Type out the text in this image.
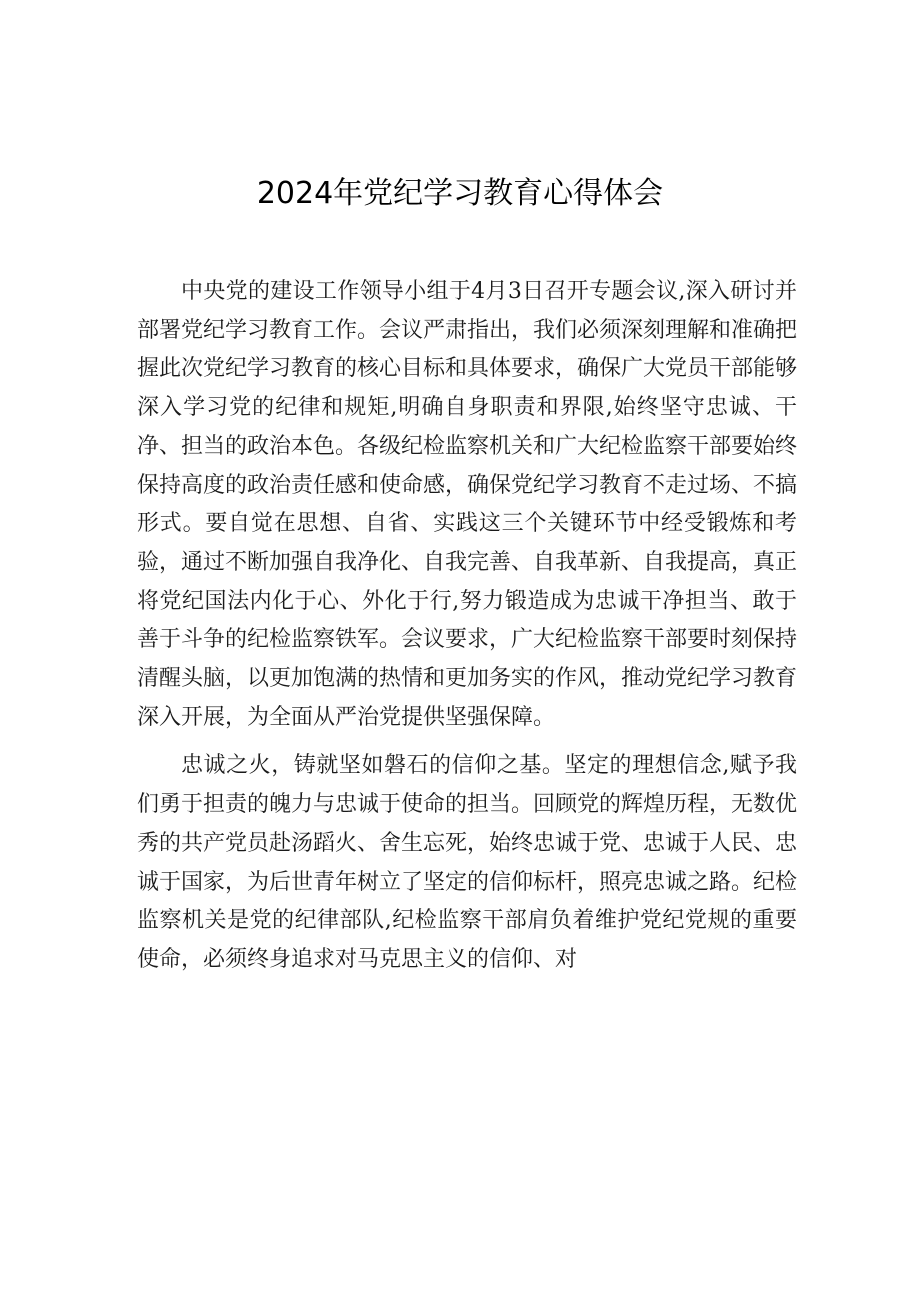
2024年党纪学习教育心得体会

中央党的建设工作领导小组于4月3日召开专题会议,深入研讨并部署党纪学习教育工作。会议严肃指出，我们必须深刻理解和准确把握此次党纪学习教育的核心目标和具体要求，确保广大党员干部能够深入学习党的纪律和规矩,明确自身职责和界限,始终坚守忠诚、干净、担当的政治本色。各级纪检监察机关和广大纪检监察干部要始终保持高度的政治责任感和使命感，确保党纪学习教育不走过场、不搞形式。要自觉在思想、自省、实践这三个关键环节中经受锻炼和考验，通过不断加强自我净化、自我完善、自我革新、自我提高，真正将党纪国法内化于心、外化于行,努力锻造成为忠诚干净担当、敢于善于斗争的纪检监察铁军。会议要求，广大纪检监察干部要时刻保持清醒头脑，以更加饱满的热情和更加务实的作风，推动党纪学习教育深入开展，为全面从严治党提供坚强保障。

忠诚之火，铸就坚如磐石的信仰之基。坚定的理想信念,赋予我们勇于担责的魄力与忠诚于使命的担当。回顾党的辉煌历程，无数优秀的共产党员赴汤蹈火、舍生忘死，始终忠诚于党、忠诚于人民、忠诚于国家，为后世青年树立了坚定的信仰标杆，照亮忠诚之路。纪检监察机关是党的纪律部队,纪检监察干部肩负着维护党纪党规的重要使命，必须终身追求对马克思主义的信仰、对
